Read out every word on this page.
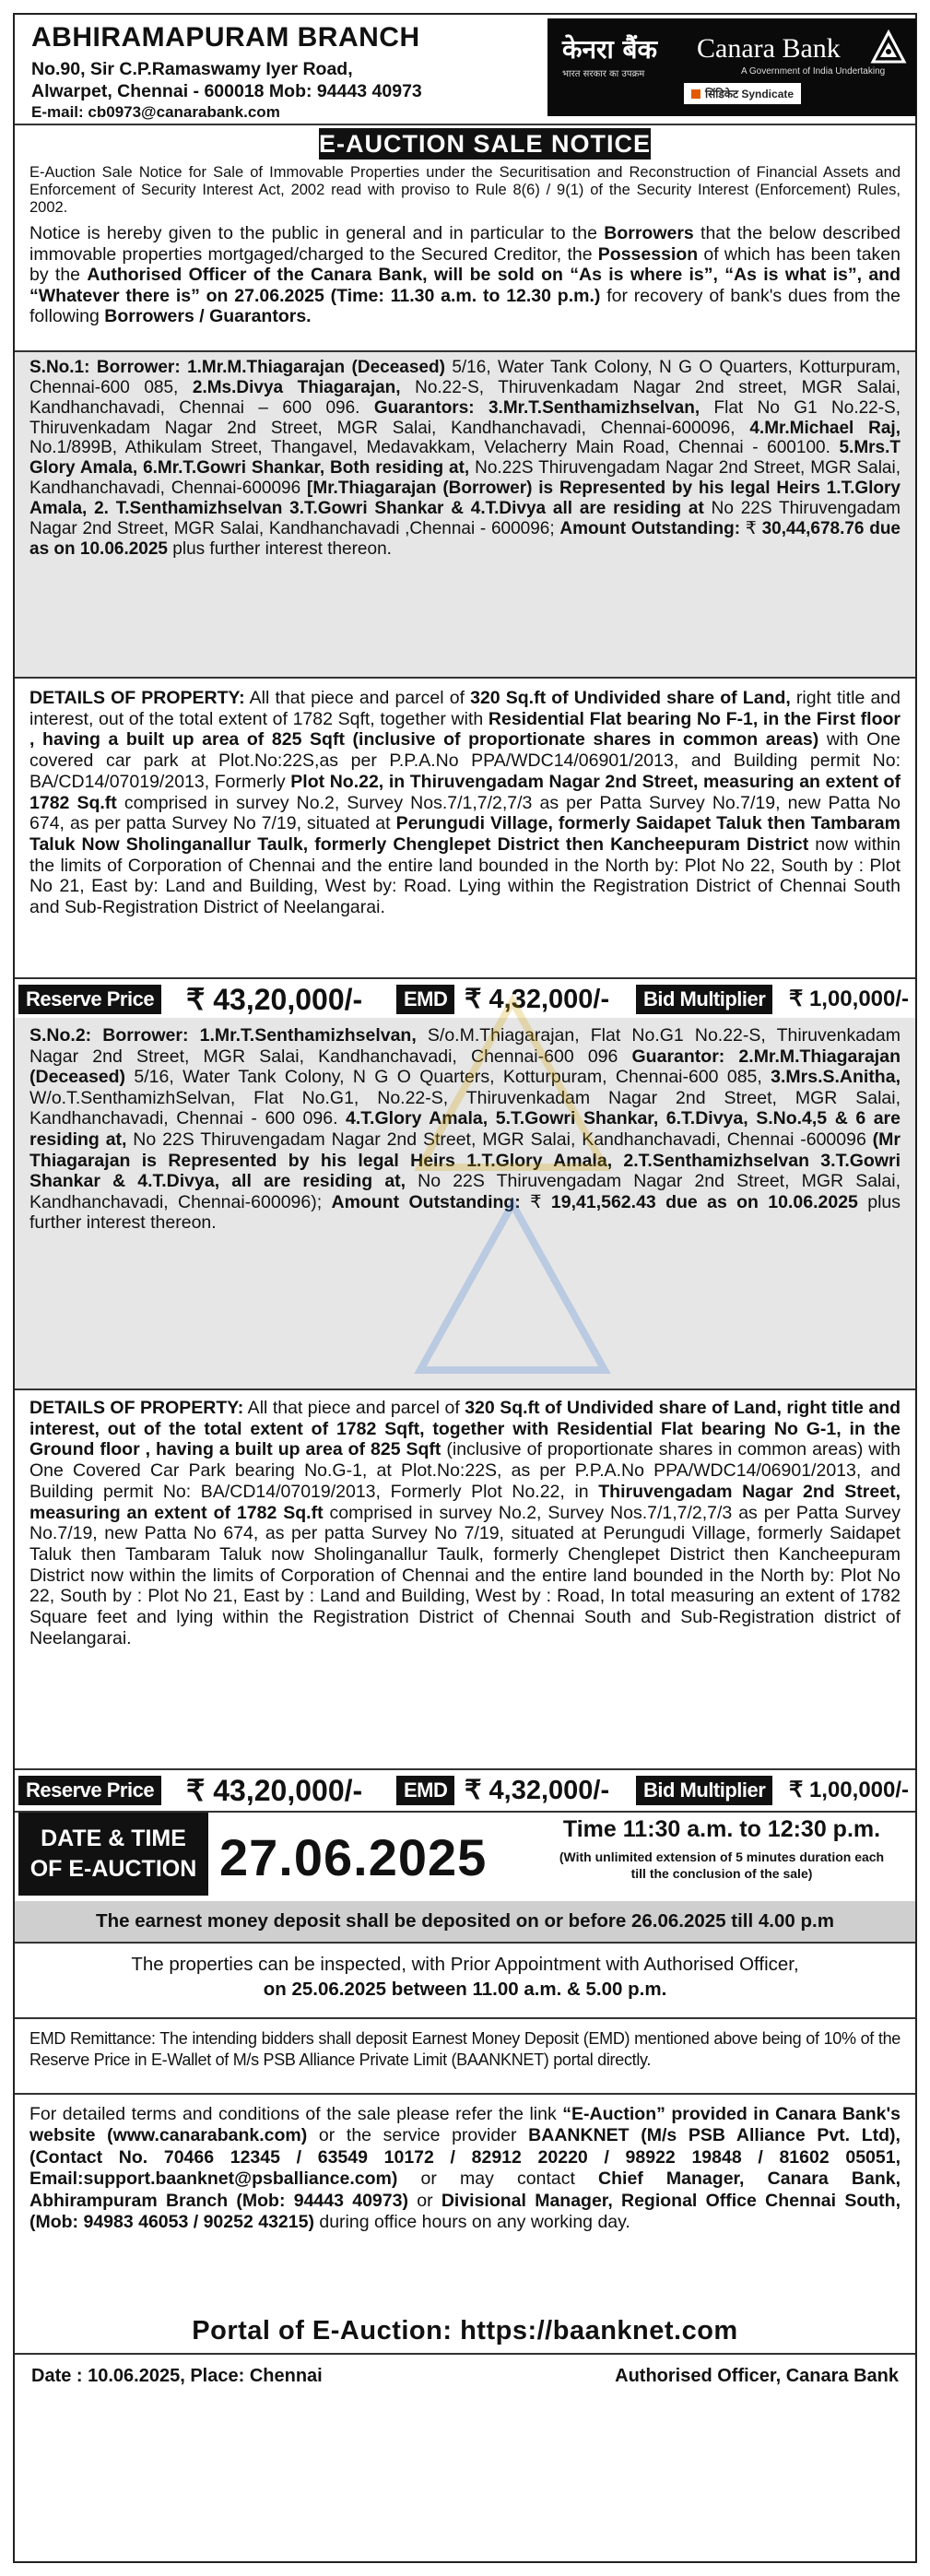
ABHIRAMAPURAM BRANCH
No.90, Sir C.P.Ramaswamy Iyer Road,
Alwarpet, Chennai - 600018 Mob: 94443 40973
E-mail: cb0973@canarabank.com
केनरा बैंक Canara Bank
भारत सरकार का उपक्रम	A Government of India Undertaking
सिंडिकेट Syndicate
E-AUCTION SALE NOTICE
E-Auction Sale Notice for Sale of Immovable Properties under the Securitisation and Reconstruction of Financial Assets and Enforcement of Security Interest Act, 2002 read with proviso to Rule 8(6) / 9(1) of the Security Interest (Enforcement) Rules, 2002.
Notice is hereby given to the public in general and in particular to the Borrowers that the below described immovable properties mortgaged/charged to the Secured Creditor, the Possession of which has been taken by the Authorised Officer of the Canara Bank, will be sold on “As is where is”, “As is what is”, and “Whatever there is” on 27.06.2025 (Time: 11.30 a.m. to 12.30 p.m.) for recovery of bank's dues from the following Borrowers / Guarantors.
S.No.1: Borrower: 1.Mr.M.Thiagarajan (Deceased) 5/16, Water Tank Colony, N G O Quarters, Kotturpuram, Chennai-600 085, 2.Ms.Divya Thiagarajan, No.22-S, Thiruvenkadam Nagar 2nd street, MGR Salai, Kandhanchavadi, Chennai – 600 096. Guarantors: 3.Mr.T.Senthamizhselvan, Flat No G1 No.22-S, Thiruvenkadam Nagar 2nd Street, MGR Salai, Kandhanchavadi, Chennai-600096, 4.Mr.Michael Raj, No.1/899B, Athikulam Street, Thangavel, Medavakkam, Velacherry Main Road, Chennai - 600100. 5.Mrs.T Glory Amala, 6.Mr.T.Gowri Shankar, Both residing at, No.22S Thiruvengadam Nagar 2nd Street, MGR Salai, Kandhanchavadi, Chennai-600096 [Mr.Thiagarajan (Borrower) is Represented by his legal Heirs 1.T.Glory Amala, 2. T.Senthamizhselvan 3.T.Gowri Shankar & 4.T.Divya all are residing at No 22S Thiruvengadam Nagar 2nd Street, MGR Salai, Kandhanchavadi ,Chennai - 600096; Amount Outstanding: ₹ 30,44,678.76 due as on 10.06.2025 plus further interest thereon.
DETAILS OF PROPERTY: All that piece and parcel of 320 Sq.ft of Undivided share of Land, right title and interest, out of the total extent of 1782 Sqft, together with Residential Flat bearing No F-1, in the First floor , having a built up area of 825 Sqft (inclusive of proportionate shares in common areas) with One covered car park at Plot.No:22S,as per P.P.A.No PPA/WDC14/06901/2013, and Building permit No: BA/CD14/07019/2013, Formerly Plot No.22, in Thiruvengadam Nagar 2nd Street, measuring an extent of 1782 Sq.ft comprised in survey No.2, Survey Nos.7/1,7/2,7/3 as per Patta Survey No.7/19, new Patta No 674, as per patta Survey No 7/19, situated at Perungudi Village, formerly Saidapet Taluk then Tambaram Taluk Now Sholinganallur Taulk, formerly Chenglepet District then Kancheepuram District now within the limits of Corporation of Chennai and the entire land bounded in the North by: Plot No 22, South by : Plot No 21, East by: Land and Building, West by: Road. Lying within the Registration District of Chennai South and Sub-Registration District of Neelangarai.
Reserve Price ₹ 43,20,000/-	EMD ₹ 4,32,000/-	Bid Multiplier	₹ 1,00,000/-
S.No.2: Borrower: 1.Mr.T.Senthamizhselvan, S/o.M.Thiagarajan, Flat No.G1 No.22-S, Thiruvenkadam Nagar 2nd Street, MGR Salai, Kandhanchavadi, Chennai-600 096 Guarantor: 2.Mr.M.Thiagarajan (Deceased) 5/16, Water Tank Colony, N G O Quarters, Kotturpuram, Chennai-600 085, 3.Mrs.S.Anitha, W/o.T.SenthamizhSelvan, Flat No.G1, No.22-S, Thiruvenkadam Nagar 2nd Street, MGR Salai, Kandhanchavadi, Chennai - 600 096. 4.T.Glory Amala, 5.T.Gowri Shankar, 6.T.Divya, S.No.4,5 & 6 are residing at, No 22S Thiruvengadam Nagar 2nd Street, MGR Salai, Kandhanchavadi, Chennai -600096 (Mr Thiagarajan is Represented by his legal Heirs 1.T.Glory Amala, 2.T.Senthamizhselvan 3.T.Gowri Shankar & 4.T.Divya, all are residing at, No 22S Thiruvengadam Nagar 2nd Street, MGR Salai, Kandhanchavadi, Chennai-600096); Amount Outstanding: ₹ 19,41,562.43 due as on 10.06.2025 plus further interest thereon.
DETAILS OF PROPERTY: All that piece and parcel of 320 Sq.ft of Undivided share of Land, right title and interest, out of the total extent of 1782 Sqft, together with Residential Flat bearing No G-1, in the Ground floor , having a built up area of 825 Sqft (inclusive of proportionate shares in common areas) with One Covered Car Park bearing No.G-1, at Plot.No:22S, as per P.P.A.No PPA/WDC14/06901/2013, and Building permit No: BA/CD14/07019/2013, Formerly Plot No.22, in Thiruvengadam Nagar 2nd Street, measuring an extent of 1782 Sq.ft comprised in survey No.2, Survey Nos.7/1,7/2,7/3 as per Patta Survey No.7/19, new Patta No 674, as per patta Survey No 7/19, situated at Perungudi Village, formerly Saidapet Taluk then Tambaram Taluk now Sholinganallur Taulk, formerly Chenglepet District then Kancheepuram District now within the limits of Corporation of Chennai and the entire land bounded in the North by: Plot No 22, South by : Plot No 21, East by : Land and Building, West by : Road, In total measuring an extent of 1782 Square feet and lying within the Registration District of Chennai South and Sub-Registration district of Neelangarai.
Reserve Price ₹ 43,20,000/-	EMD ₹ 4,32,000/-	Bid Multiplier	₹ 1,00,000/-
DATE & TIME
OF E-AUCTION 27.06.2025	Time 11:30 a.m. to 12:30 p.m.
(With unlimited extension of 5 minutes duration each
till the conclusion of the sale)
The earnest money deposit shall be deposited on or before 26.06.2025 till 4.00 p.m
The properties can be inspected, with Prior Appointment with Authorised Officer,
on 25.06.2025 between 11.00 a.m. & 5.00 p.m.
EMD Remittance: The intending bidders shall deposit Earnest Money Deposit (EMD) mentioned above being of 10% of the Reserve Price in E-Wallet of M/s PSB Alliance Private Limit (BAANKNET) portal directly.
For detailed terms and conditions of the sale please refer the link “E-Auction” provided in Canara Bank's website (www.canarabank.com) or the service provider BAANKNET (M/s PSB Alliance Pvt. Ltd), (Contact No. 70466 12345 / 63549 10172 / 82912 20220 / 98922 19848 / 81602 05051, Email:support.baanknet@psballiance.com) or may contact Chief Manager, Canara Bank, Abhirampuram Branch (Mob: 94443 40973) or Divisional Manager, Regional Office Chennai South, (Mob: 94983 46053 / 90252 43215) during office hours on any working day.
Portal of E-Auction: https://baanknet.com
Date : 10.06.2025, Place: Chennai	Authorised Officer, Canara Bank
